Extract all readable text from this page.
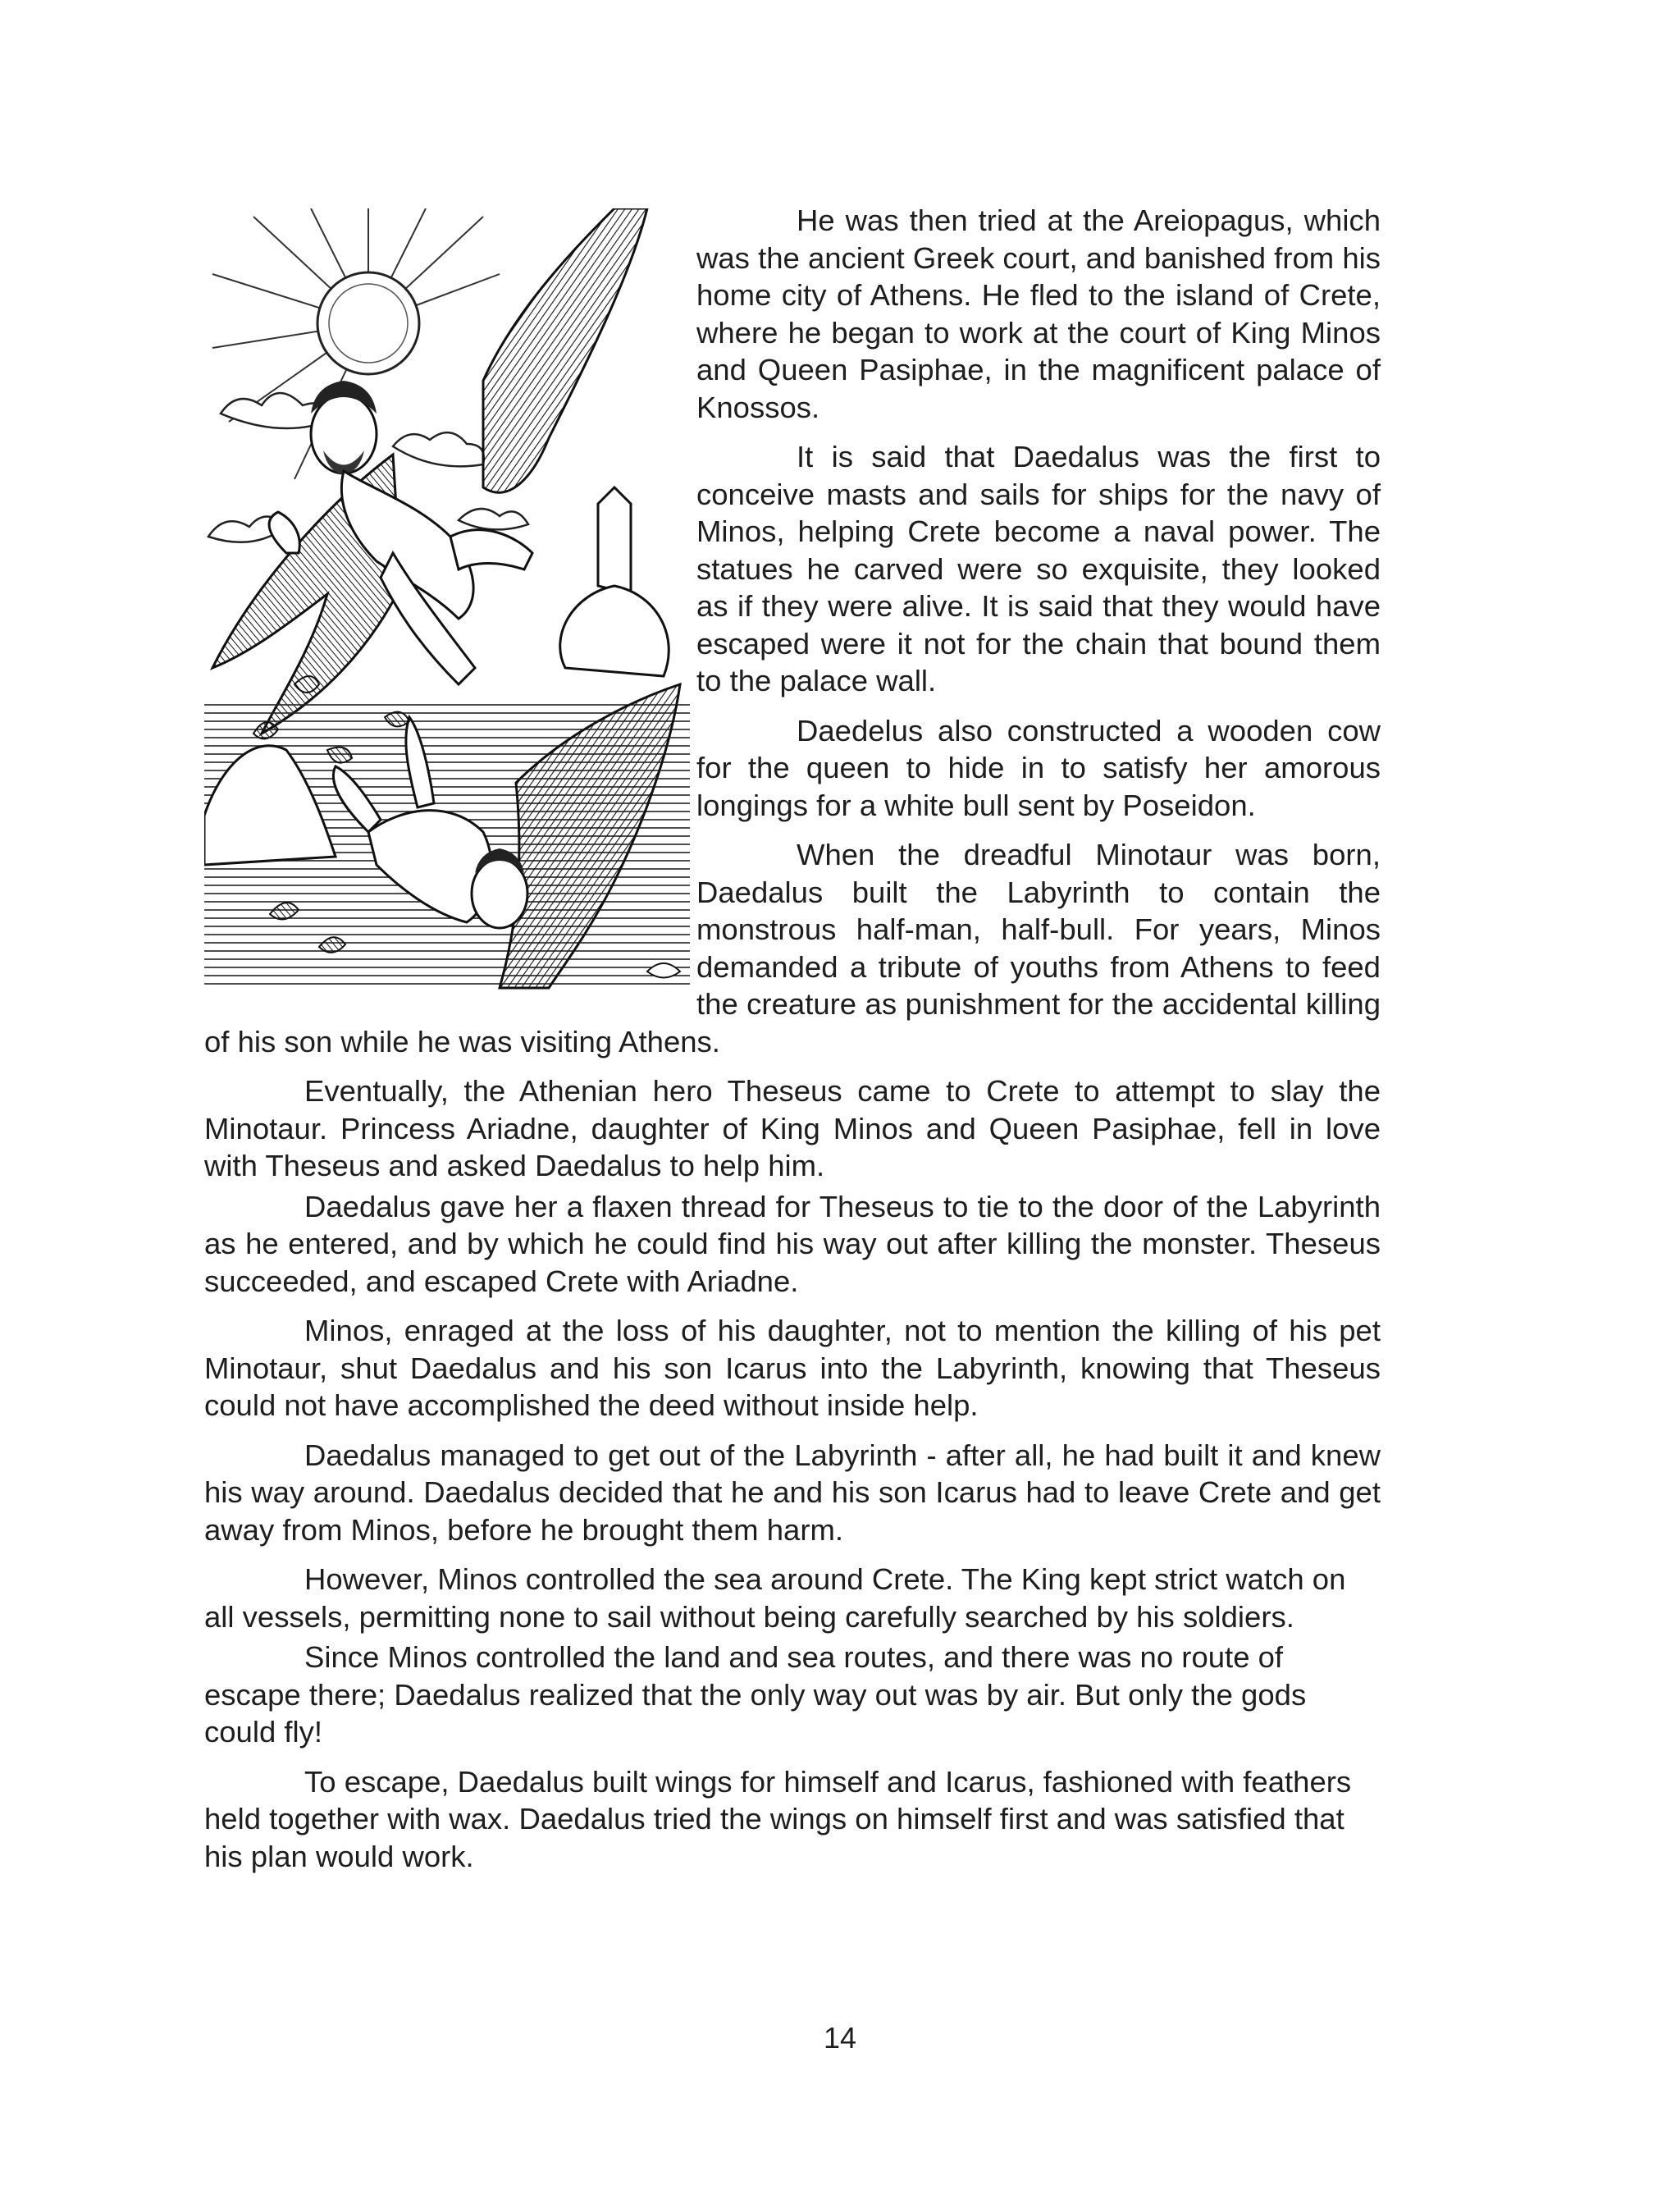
He was then tried at the Areiopagus, which was the ancient Greek court, and banished from his home city of Athens. He fled to the island of Crete, where he began to work at the court of King Minos and Queen Pasiphae, in the magnificent palace of Knossos.

It is said that Daedalus was the first to conceive masts and sails for ships for the navy of Minos, helping Crete become a naval power. The statues he carved were so exquisite, they looked as if they were alive. It is said that they would have escaped were it not for the chain that bound them to the palace wall.

Daedelus also constructed a wooden cow for the queen to hide in to satisfy her amorous longings for a white bull sent by Poseidon.

When the dreadful Minotaur was born, Daedalus built the Labyrinth to contain the monstrous half-man, half-bull. For years, Minos demanded a tribute of youths from Athens to feed the creature as punishment for the accidental killing of his son while he was visiting Athens.

Eventually, the Athenian hero Theseus came to Crete to attempt to slay the Minotaur. Princess Ariadne, daughter of King Minos and Queen Pasiphae, fell in love with Theseus and asked Daedalus to help him.

Daedalus gave her a flaxen thread for Theseus to tie to the door of the Labyrinth as he entered, and by which he could find his way out after killing the monster. Theseus succeeded, and escaped Crete with Ariadne.

Minos, enraged at the loss of his daughter, not to mention the killing of his pet Minotaur, shut Daedalus and his son Icarus into the Labyrinth, knowing that Theseus could not have accomplished the deed without inside help.

Daedalus managed to get out of the Labyrinth - after all, he had built it and knew his way around. Daedalus decided that he and his son Icarus had to leave Crete and get away from Minos, before he brought them harm.

However, Minos controlled the sea around Crete. The King kept strict watch on all vessels, permitting none to sail without being carefully searched by his soldiers.

Since Minos controlled the land and sea routes, and there was no route of escape there; Daedalus realized that the only way out was by air. But only the gods could fly!

To escape, Daedalus built wings for himself and Icarus, fashioned with feathers held together with wax. Daedalus tried the wings on himself first and was satisfied that his plan would work.

14
